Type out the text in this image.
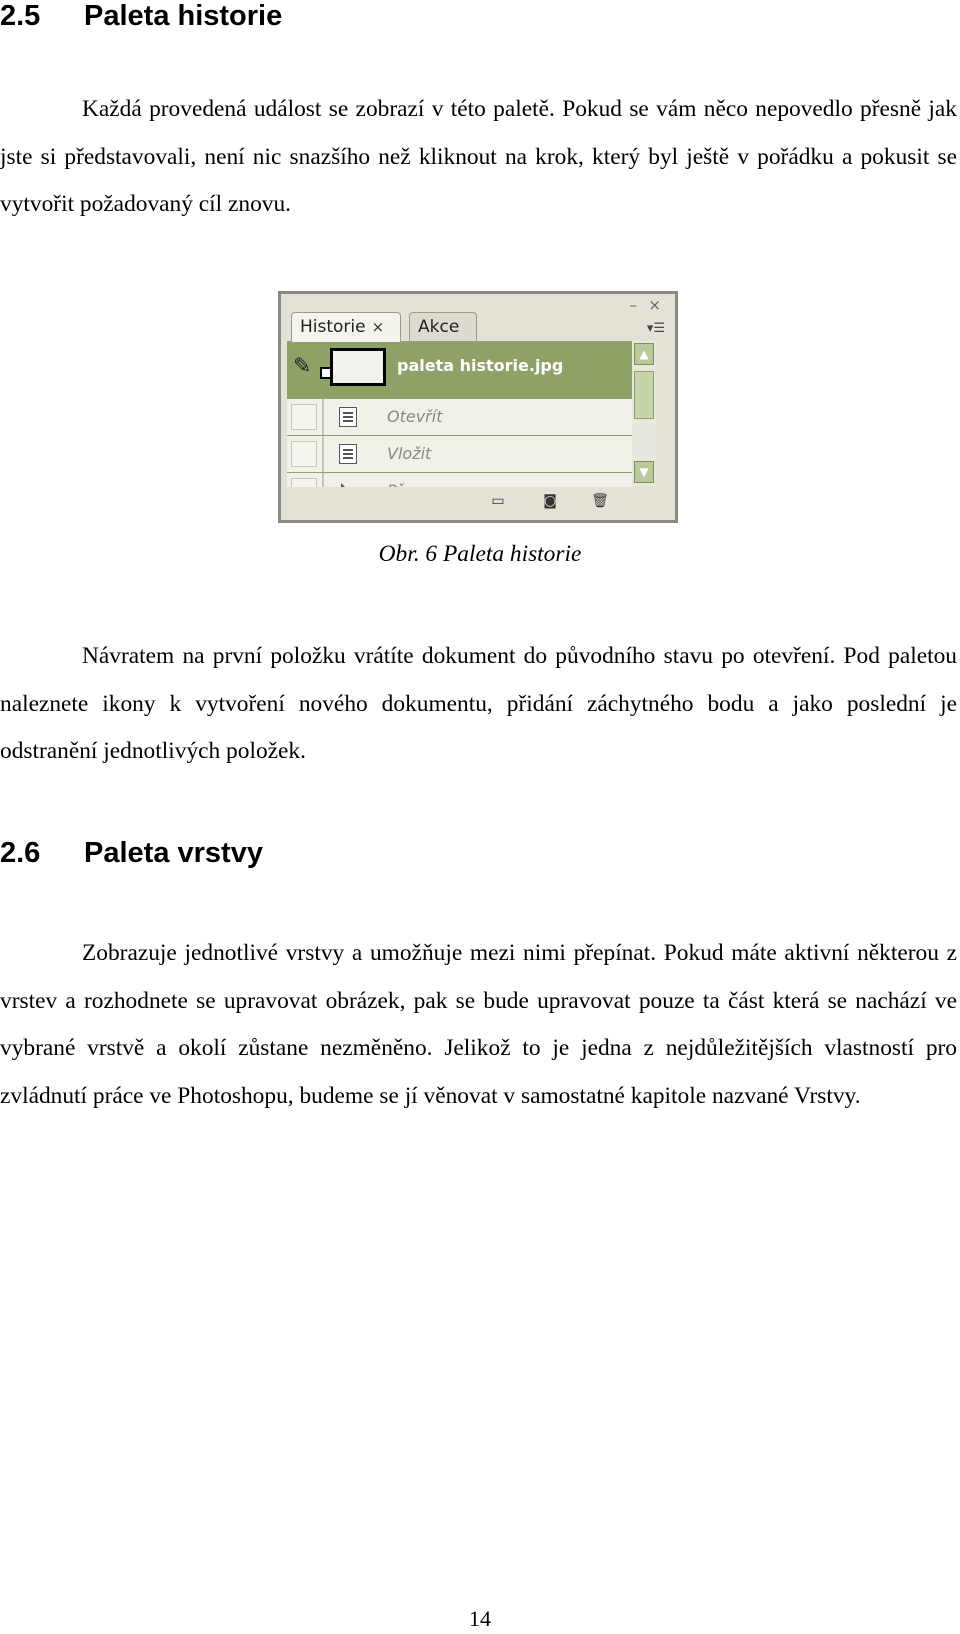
2.5 Paleta historie

Každá provedená událost se zobrazí v této paletě. Pokud se vám něco nepovedlo přesně jak jste si představovali, není nic snazšího než kliknout na krok, který byl ještě v pořádku a pokusit se vytvořit požadovaný cíl znovu.

– ×
Historie ×	Akce	▾☰
✎	paleta historie.jpg
Otevřít
Vložit
▲
▼
▭	◙	🗑

Obr. 6 Paleta historie

Návratem na první položku vrátíte dokument do původního stavu po otevření. Pod paletou naleznete ikony k vytvoření nového dokumentu, přidání záchytného bodu a jako poslední je odstranění jednotlivých položek.

2.6 Paleta vrstvy

Zobrazuje jednotlivé vrstvy a umožňuje mezi nimi přepínat. Pokud máte aktivní některou z vrstev a rozhodnete se upravovat obrázek, pak se bude upravovat pouze ta část která se nachází ve vybrané vrstvě a okolí zůstane nezměněno. Jelikož to je jedna z nejdůležitějších vlastností pro zvládnutí práce ve Photoshopu, budeme se jí věnovat v samostatné kapitole nazvané Vrstvy.

14
